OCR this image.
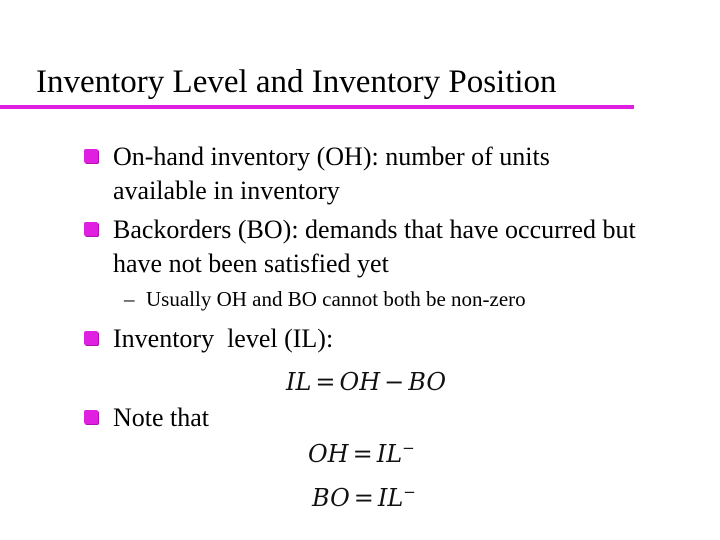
Inventory Level and Inventory Position
On-hand inventory (OH): number of units
available in inventory
Backorders (BO): demands that have occurred but
have not been satisfied yet
– Usually OH and BO cannot both be non-zero
Inventory  level (IL):
IL = OH − BO
Note that
OH = IL−
BO = IL−
